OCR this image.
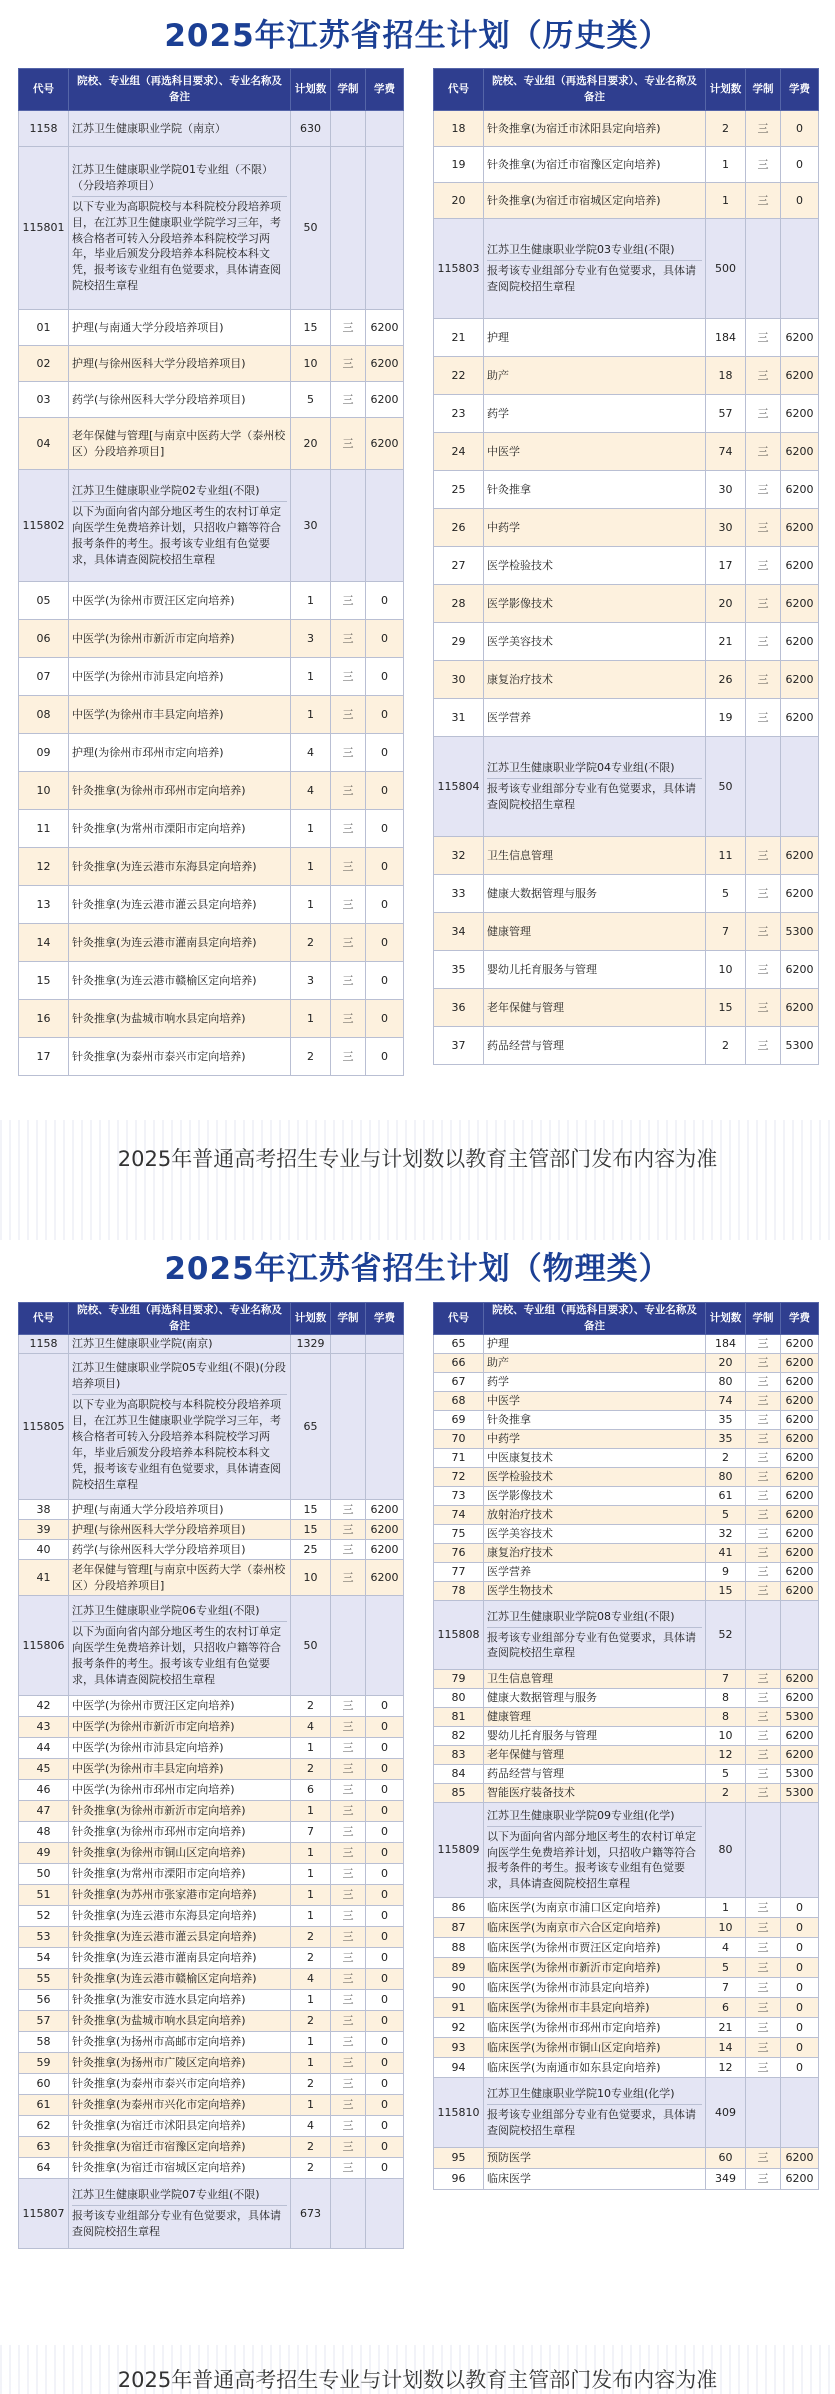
2025年江苏省招生计划（历史类）
代号	院校、专业组（再选科目要求）、专业名称及备注	计划数	学制	学费
1158	江苏卫生健康职业学院（南京）	630		
115801	江苏卫生健康职业学院01专业组（不限）（分段培养项目）
以下专业为高职院校与本科院校分段培养项目，在江苏卫生健康职业学院学习三年，考核合格者可转入分段培养本科院校学习两年，毕业后颁发分段培养本科院校本科文凭，报考该专业组有色觉要求，具体请查阅院校招生章程	50		
01	护理(与南通大学分段培养项目)	15	三	6200
02	护理(与徐州医科大学分段培养项目)	10	三	6200
03	药学(与徐州医科大学分段培养项目)	5	三	6200
04	老年保健与管理[与南京中医药大学（泰州校区）分段培养项目]	20	三	6200
115802	江苏卫生健康职业学院02专业组(不限)
以下为面向省内部分地区考生的农村订单定向医学生免费培养计划，只招收户籍等符合报考条件的考生。报考该专业组有色觉要求，具体请查阅院校招生章程	30		
05	中医学(为徐州市贾汪区定向培养)	1	三	0
06	中医学(为徐州市新沂市定向培养)	3	三	0
07	中医学(为徐州市沛县定向培养)	1	三	0
08	中医学(为徐州市丰县定向培养)	1	三	0
09	护理(为徐州市邳州市定向培养)	4	三	0
10	针灸推拿(为徐州市邳州市定向培养)	4	三	0
11	针灸推拿(为常州市溧阳市定向培养)	1	三	0
12	针灸推拿(为连云港市东海县定向培养)	1	三	0
13	针灸推拿(为连云港市灌云县定向培养)	1	三	0
14	针灸推拿(为连云港市灌南县定向培养)	2	三	0
15	针灸推拿(为连云港市赣榆区定向培养)	3	三	0
16	针灸推拿(为盐城市响水县定向培养)	1	三	0
17	针灸推拿(为泰州市泰兴市定向培养)	2	三	0
代号	院校、专业组（再选科目要求）、专业名称及备注	计划数	学制	学费
18	针灸推拿(为宿迁市沭阳县定向培养)	2	三	0
19	针灸推拿(为宿迁市宿豫区定向培养)	1	三	0
20	针灸推拿(为宿迁市宿城区定向培养)	1	三	0
115803	江苏卫生健康职业学院03专业组(不限)
报考该专业组部分专业有色觉要求，具体请查阅院校招生章程	500		
21	护理	184	三	6200
22	助产	18	三	6200
23	药学	57	三	6200
24	中医学	74	三	6200
25	针灸推拿	30	三	6200
26	中药学	30	三	6200
27	医学检验技术	17	三	6200
28	医学影像技术	20	三	6200
29	医学美容技术	21	三	6200
30	康复治疗技术	26	三	6200
31	医学营养	19	三	6200
115804	江苏卫生健康职业学院04专业组(不限)
报考该专业组部分专业有色觉要求，具体请查阅院校招生章程	50		
32	卫生信息管理	11	三	6200
33	健康大数据管理与服务	5	三	6200
34	健康管理	7	三	5300
35	婴幼儿托育服务与管理	10	三	6200
36	老年保健与管理	15	三	6200
37	药品经营与管理	2	三	5300
2025年普通高考招生专业与计划数以教育主管部门发布内容为准
2025年江苏省招生计划（物理类）
代号	院校、专业组（再选科目要求）、专业名称及备注	计划数	学制	学费
1158	江苏卫生健康职业学院(南京)	1329		
115805	江苏卫生健康职业学院05专业组(不限)(分段培养项目)
以下专业为高职院校与本科院校分段培养项目，在江苏卫生健康职业学院学习三年，考核合格者可转入分段培养本科院校学习两年，毕业后颁发分段培养本科院校本科文凭，报考该专业组有色觉要求，具体请查阅院校招生章程	65		
38	护理(与南通大学分段培养项目)	15	三	6200
39	护理(与徐州医科大学分段培养项目)	15	三	6200
40	药学(与徐州医科大学分段培养项目)	25	三	6200
41	老年保健与管理[与南京中医药大学（泰州校区）分段培养项目]	10	三	6200
115806	江苏卫生健康职业学院06专业组(不限)
以下为面向省内部分地区考生的农村订单定向医学生免费培养计划，只招收户籍等符合报考条件的考生。报考该专业组有色觉要求，具体请查阅院校招生章程	50		
42	中医学(为徐州市贾汪区定向培养)	2	三	0
43	中医学(为徐州市新沂市定向培养)	4	三	0
44	中医学(为徐州市沛县定向培养)	1	三	0
45	中医学(为徐州市丰县定向培养)	2	三	0
46	中医学(为徐州市邳州市定向培养)	6	三	0
47	针灸推拿(为徐州市新沂市定向培养)	1	三	0
48	针灸推拿(为徐州市邳州市定向培养)	7	三	0
49	针灸推拿(为徐州市铜山区定向培养)	1	三	0
50	针灸推拿(为常州市溧阳市定向培养)	1	三	0
51	针灸推拿(为苏州市张家港市定向培养)	1	三	0
52	针灸推拿(为连云港市东海县定向培养)	1	三	0
53	针灸推拿(为连云港市灌云县定向培养)	2	三	0
54	针灸推拿(为连云港市灌南县定向培养)	2	三	0
55	针灸推拿(为连云港市赣榆区定向培养)	4	三	0
56	针灸推拿(为淮安市涟水县定向培养)	1	三	0
57	针灸推拿(为盐城市响水县定向培养)	2	三	0
58	针灸推拿(为扬州市高邮市定向培养)	1	三	0
59	针灸推拿(为扬州市广陵区定向培养)	1	三	0
60	针灸推拿(为泰州市泰兴市定向培养)	2	三	0
61	针灸推拿(为泰州市兴化市定向培养)	1	三	0
62	针灸推拿(为宿迁市沭阳县定向培养)	4	三	0
63	针灸推拿(为宿迁市宿豫区定向培养)	2	三	0
64	针灸推拿(为宿迁市宿城区定向培养)	2	三	0
115807	江苏卫生健康职业学院07专业组(不限)
报考该专业组部分专业有色觉要求，具体请查阅院校招生章程	673		
代号	院校、专业组（再选科目要求）、专业名称及备注	计划数	学制	学费
65	护理	184	三	6200
66	助产	20	三	6200
67	药学	80	三	6200
68	中医学	74	三	6200
69	针灸推拿	35	三	6200
70	中药学	35	三	6200
71	中医康复技术	2	三	6200
72	医学检验技术	80	三	6200
73	医学影像技术	61	三	6200
74	放射治疗技术	5	三	6200
75	医学美容技术	32	三	6200
76	康复治疗技术	41	三	6200
77	医学营养	9	三	6200
78	医学生物技术	15	三	6200
115808	江苏卫生健康职业学院08专业组(不限)
报考该专业组部分专业有色觉要求，具体请查阅院校招生章程	52		
79	卫生信息管理	7	三	6200
80	健康大数据管理与服务	8	三	6200
81	健康管理	8	三	5300
82	婴幼儿托育服务与管理	10	三	6200
83	老年保健与管理	12	三	6200
84	药品经营与管理	5	三	5300
85	智能医疗装备技术	2	三	5300
115809	江苏卫生健康职业学院09专业组(化学)
以下为面向省内部分地区考生的农村订单定向医学生免费培养计划，只招收户籍等符合报考条件的考生。报考该专业组有色觉要求，具体请查阅院校招生章程	80		
86	临床医学(为南京市浦口区定向培养)	1	三	0
87	临床医学(为南京市六合区定向培养)	10	三	0
88	临床医学(为徐州市贾汪区定向培养)	4	三	0
89	临床医学(为徐州市新沂市定向培养)	5	三	0
90	临床医学(为徐州市沛县定向培养)	7	三	0
91	临床医学(为徐州市丰县定向培养)	6	三	0
92	临床医学(为徐州市邳州市定向培养)	21	三	0
93	临床医学(为徐州市铜山区定向培养)	14	三	0
94	临床医学(为南通市如东县定向培养)	12	三	0
115810	江苏卫生健康职业学院10专业组(化学)
报考该专业组部分专业有色觉要求，具体请查阅院校招生章程	409		
95	预防医学	60	三	6200
96	临床医学	349	三	6200
2025年普通高考招生专业与计划数以教育主管部门发布内容为准
